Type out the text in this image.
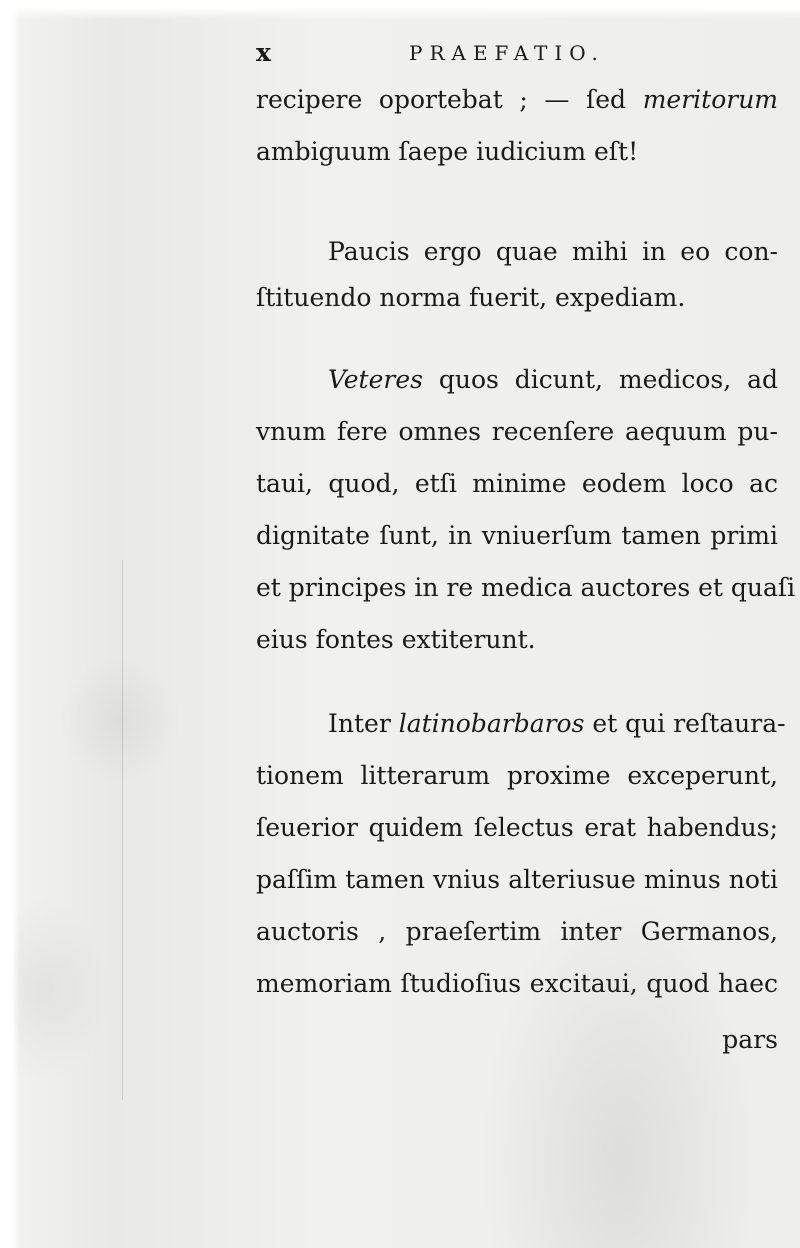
x	PRAEFATIO.
recipere oportebat ; — ſed meritorum
ambiguum ſaepe iudicium eſt!
Paucis ergo quae mihi in eo con-
ſtituendo norma fuerit, expediam.
Veteres quos dicunt, medicos, ad
vnum fere omnes recenſere aequum pu-
taui, quod, etſi minime eodem loco ac
dignitate ſunt, in vniuerſum tamen primi
et principes in re medica auctores et quaſi
eius fontes extiterunt.
Inter latinobarbaros et qui reſtaura-
tionem litterarum proxime exceperunt,
ſeuerior quidem ſelectus erat habendus;
paſſim tamen vnius alteriusue minus noti
auctoris , praeſertim inter Germanos,
memoriam ſtudioſius excitaui, quod haec
pars
